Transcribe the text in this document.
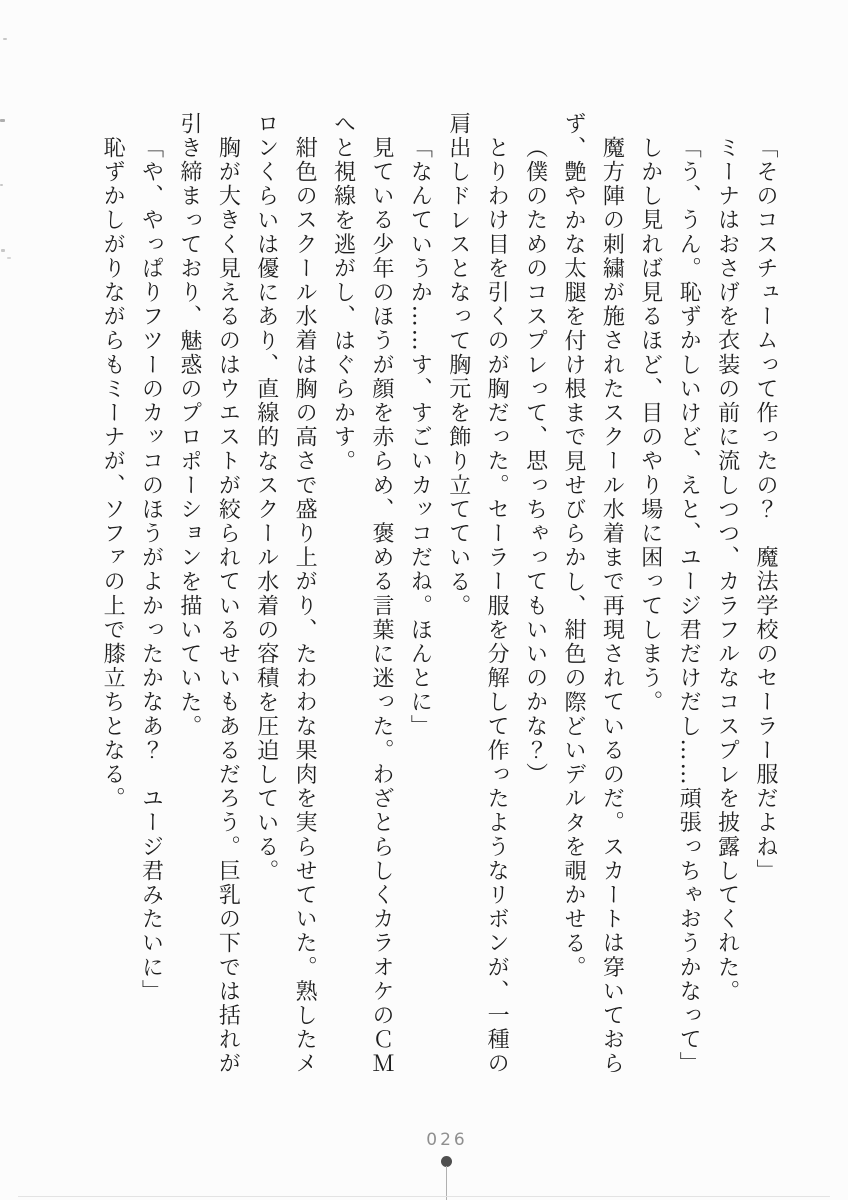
「そのコスチュームって作ったの？　魔法学校のセーラー服だよね」

ミーナはおさげを衣装の前に流しつつ、カラフルなコスプレを披露してくれた。

「う、うん。恥ずかしいけど、えと、ユージ君だけだし……頑張っちゃおうかなって」

しかし見れば見るほど、目のやり場に困ってしまう。

魔方陣の刺繍が施されたスクール水着まで再現されているのだ。スカートは穿いておらず、艶やかな太腿を付け根まで見せびらかし、紺色の際どいデルタを覗かせる。

（僕のためのコスプレって、思っちゃってもいいのかな？）

とりわけ目を引くのが胸だった。セーラー服を分解して作ったようなリボンが、一種の肩出しドレスとなって胸元を飾り立てている。

「なんていうか……す、すごいカッコだね。ほんとに」

見ている少年のほうが顔を赤らめ、褒める言葉に迷った。わざとらしくカラオケのＣＭへと視線を逃がし、はぐらかす。

紺色のスクール水着は胸の高さで盛り上がり、たわわな果肉を実らせていた。熟したメロンくらいは優にあり、直線的なスクール水着の容積を圧迫している。

胸が大きく見えるのはウエストが絞られているせいもあるだろう。巨乳の下では括れが引き締まっており、魅惑のプロポーションを描いていた。

「や、やっぱりフツーのカッコのほうがよかったかなあ？　ユージ君みたいに」

恥ずかしがりながらもミーナが、ソファの上で膝立ちとなる。

026
